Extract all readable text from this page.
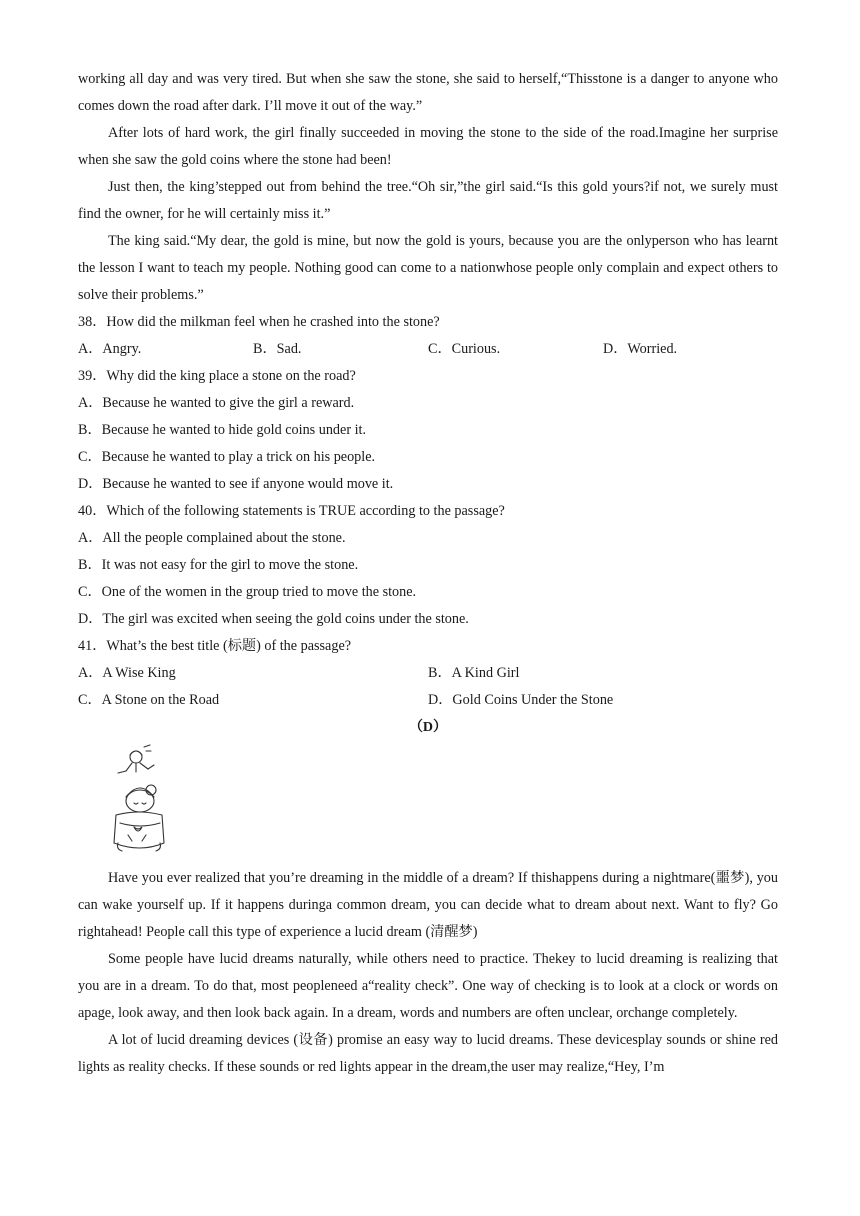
working all day and was very tired. But when she saw the stone, she said to herself,“Thisstone is a danger to anyone who comes down the road after dark. I’ll move it out of the way.”

After lots of hard work, the girl finally succeeded in moving the stone to the side of the road.Imagine her surprise when she saw the gold coins where the stone had been!

Just then, the king’stepped out from behind the tree.“Oh sir,”the girl said.“Is this gold yours?if not, we surely must find the owner, for he will certainly miss it.”

The king said.“My dear, the gold is mine, but now the gold is yours, because you are the onlyperson who has learnt the lesson I want to teach my people. Nothing good can come to a nationwhose people only complain and expect others to solve their problems.”

38．How did the milkman feel when he crashed into the stone?

A．Angry.	B．Sad.	C．Curious.	D．Worried.

39．Why did the king place a stone on the road?

A．Because he wanted to give the girl a reward.

B．Because he wanted to hide gold coins under it.

C．Because he wanted to play a trick on his people.

D．Because he wanted to see if anyone would move it.

40．Which of the following statements is TRUE according to the passage?

A．All the people complained about the stone.

B．It was not easy for the girl to move the stone.

C．One of the women in the group tried to move the stone.

D．The girl was excited when seeing the gold coins under the stone.

41．What’s the best title (标题) of the passage?

A．A Wise King	B．A Kind Girl
C．A Stone on the Road	D．Gold Coins Under the Stone

（D）

Have you ever realized that you’re dreaming in the middle of a dream? If thishappens during a nightmare(噩梦), you can wake yourself up. If it happens duringa common dream, you can decide what to dream about next. Want to fly? Go rightahead! People call this type of experience a lucid dream (清醒梦)

Some people have lucid dreams naturally, while others need to practice. Thekey to lucid dreaming is realizing that you are in a dream. To do that, most peopleneed a“reality check”. One way of checking is to look at a clock or words on apage, look away, and then look back again. In a dream, words and numbers are often unclear, orchange completely.

A lot of lucid dreaming devices (设备) promise an easy way to lucid dreams. These devicesplay sounds or shine red lights as reality checks. If these sounds or red lights appear in the dream,the user may realize,“Hey, I’m
